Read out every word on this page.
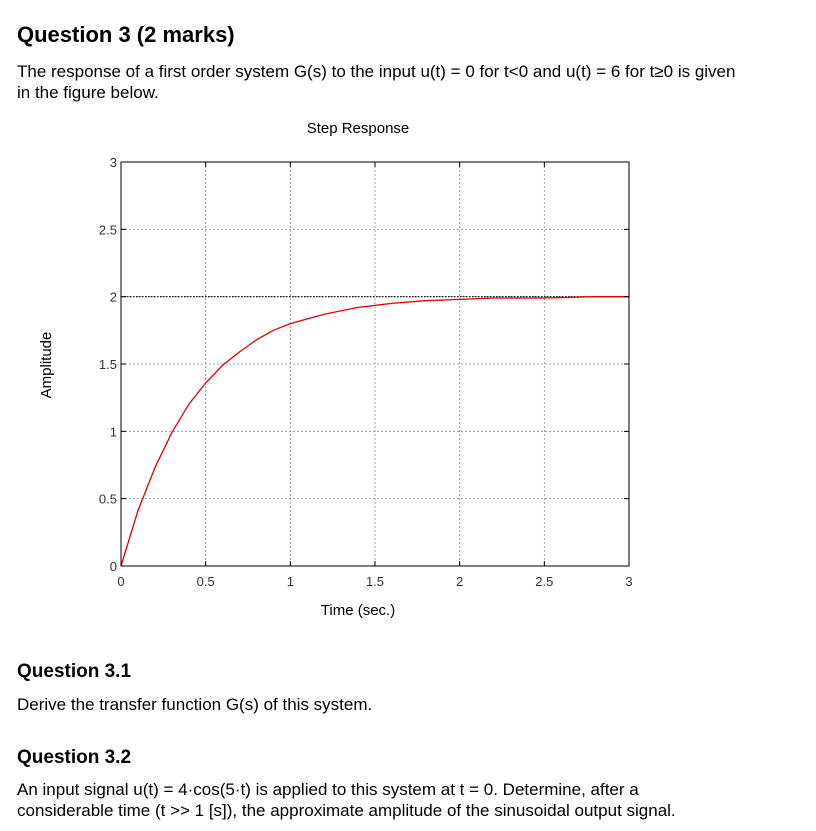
Question 3 (2 marks)

The response of a first order system G(s) to the input u(t) = 0 for t<0 and u(t) = 6 for t≥0 is given

in the figure below.

Step Response
Amplitude
Time (sec.)
0	0.5	1	1.5	2	2.5	3
0
0.5
1
1.5
2
2.5
3
Question 3.1

Derive the transfer function G(s) of this system.

Question 3.2

An input signal u(t) = 4·cos(5·t) is applied to this system at t = 0. Determine, after a

considerable time (t >> 1 [s]), the approximate amplitude of the sinusoidal output signal.
